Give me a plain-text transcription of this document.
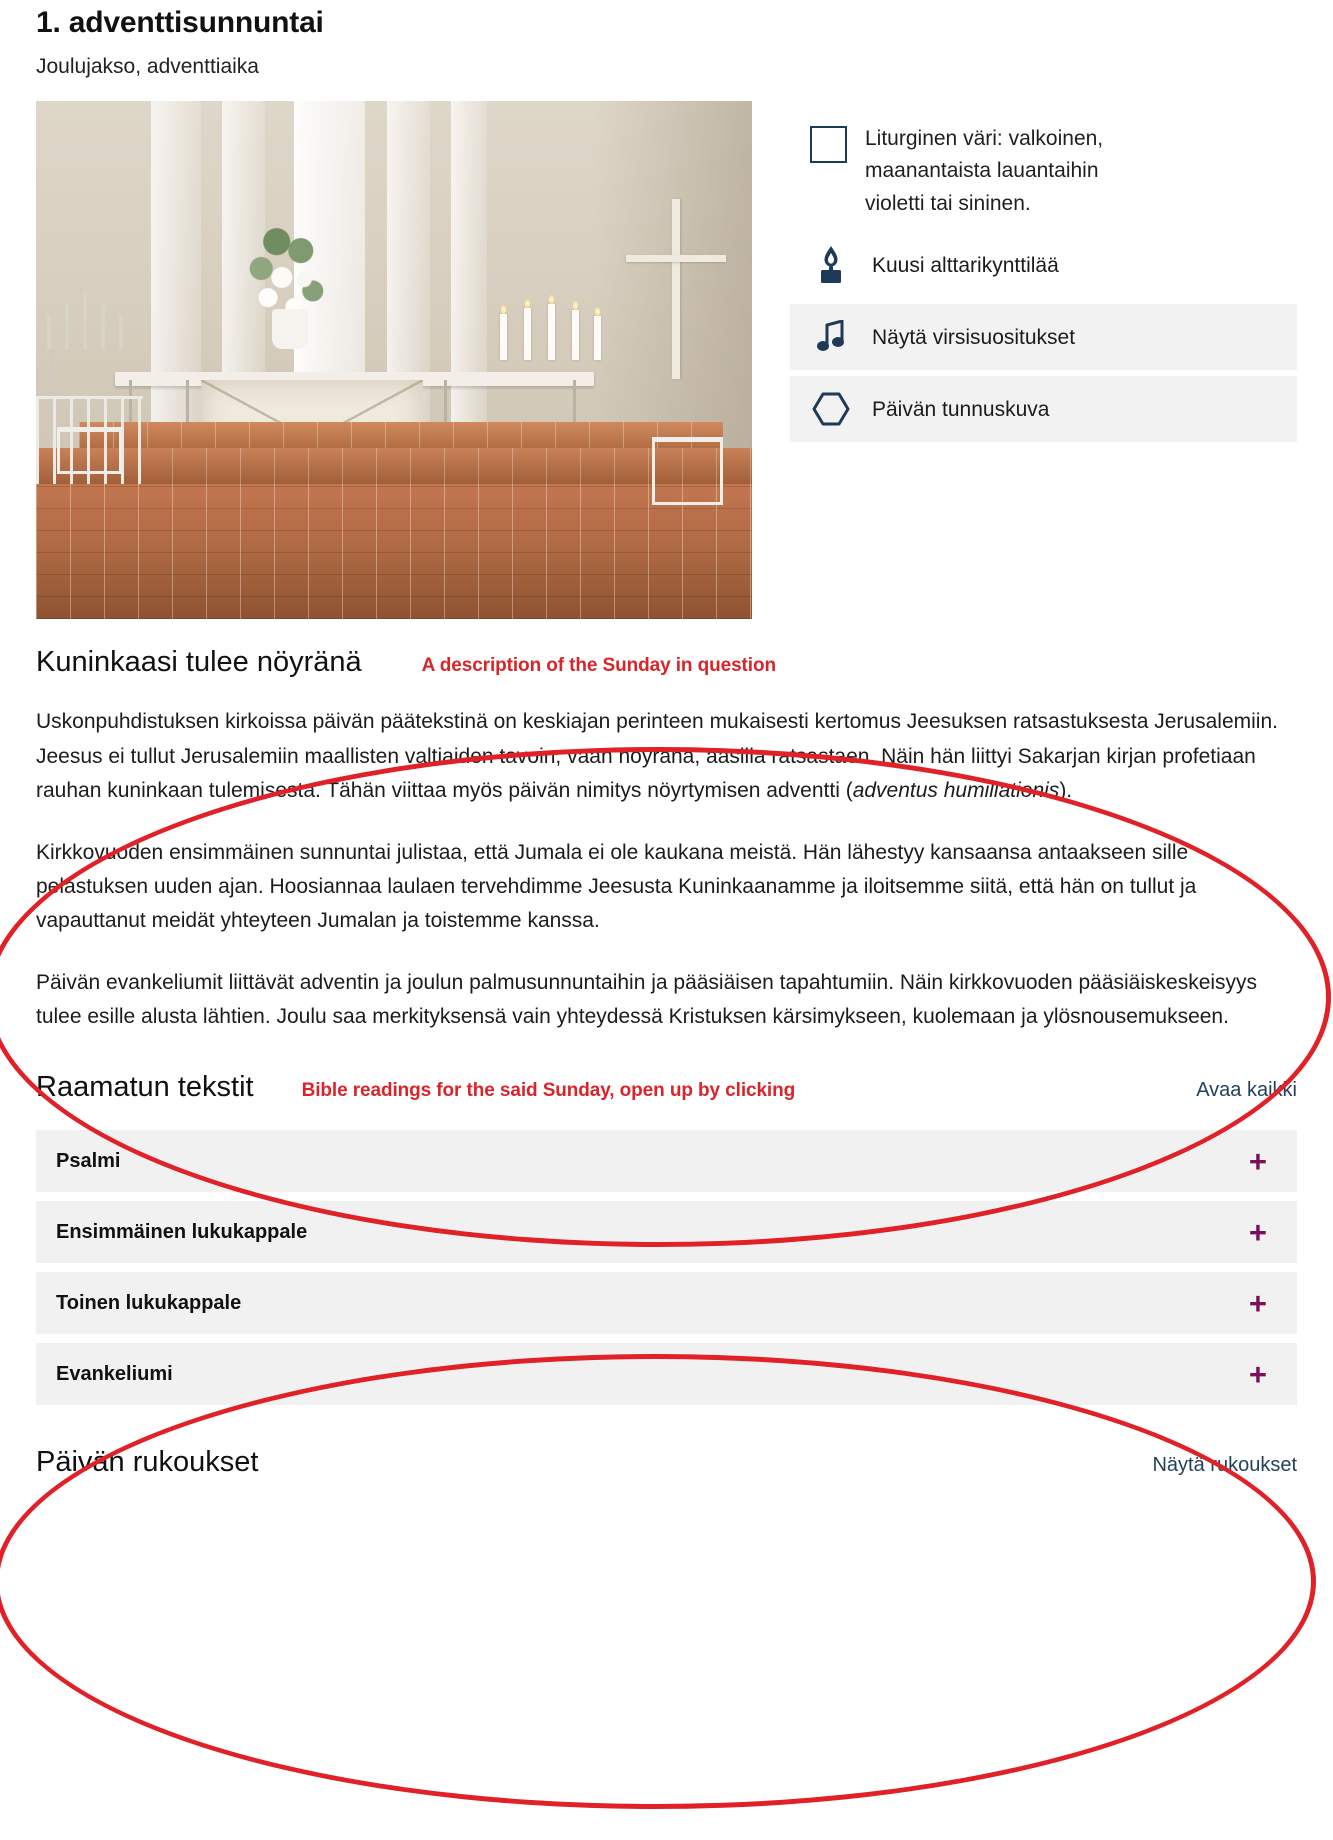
1. adventtisunnuntai
Joulujakso, adventtiaika
Liturginen väri: valkoinen, maanantaista lauantaihin violetti tai sininen.
Kuusi alttarikynttilää
Näytä virsisuositukset
Päivän tunnuskuva
Kuninkaasi tulee nöyränä	A description of the Sunday in question

Uskonpuhdistuksen kirkoissa päivän päätekstinä on keskiajan perinteen mukaisesti kertomus Jeesuksen ratsastuksesta Jerusalemiin. Jeesus ei tullut Jerusalemiin maallisten valtiaiden tavoin, vaan nöyränä, aasilla ratsastaen. Näin hän liittyi Sakarjan kirjan profetiaan rauhan kuninkaan tulemisesta. Tähän viittaa myös päivän nimitys nöyrtymisen adventti (adventus humiliationis).

Kirkkovuoden ensimmäinen sunnuntai julistaa, että Jumala ei ole kaukana meistä. Hän lähestyy kansaansa antaakseen sille pelastuksen uuden ajan. Hoosiannaa laulaen tervehdimme Jeesusta Kuninkaanamme ja iloitsemme siitä, että hän on tullut ja vapauttanut meidät yhteyteen Jumalan ja toistemme kanssa.

Päivän evankeliumit liittävät adventin ja joulun palmusunnuntaihin ja pääsiäisen tapahtumiin. Näin kirkkovuoden pääsiäiskeskeisyys tulee esille alusta lähtien. Joulu saa merkityksensä vain yhteydessä Kristuksen kärsimykseen, kuolemaan ja ylösnousemukseen.

Raamatun tekstit	Bible readings for the said Sunday, open up by clicking	Avaa kaikki
Psalmi	+
Ensimmäinen lukukappale	+
Toinen lukukappale	+
Evankeliumi	+
Päivän rukoukset	Näytä rukoukset
